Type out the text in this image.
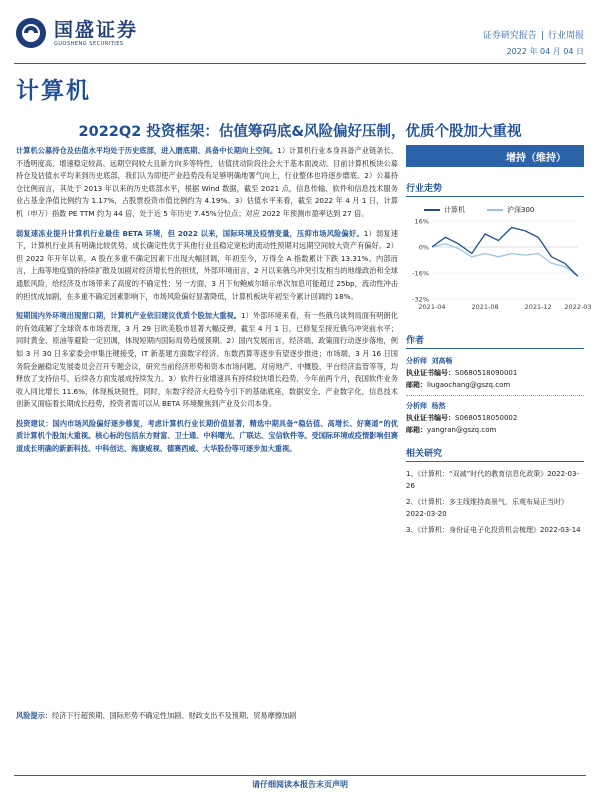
国盛证券
GUOSHENG SECURITIES
证券研究报告 | 行业周报
2022 年 04 月 04 日
计算机
2022Q2 投资框架：估值筹码底&风险偏好压制，优质个股加大重视

计算机公募持仓及估值水平均处于历史底部，进入磨底期、具备中长期向上空间。1）计算机行业本身具备产业链条长、不透明度高、增速稳定较高、远期空间较大且新方向多等特性，估值扰动阶段往会大于基本面波动。目前计算机板块公募持仓及估值水平均来到历史底部，我们认为即使产业趋势没有足够明确地署气向上，行业整体也将逐步磨底。2）公募持仓比例而言，其处于 2013 年以来的历史底部水平，根据 Wind 数据，截至 2021 点，信息传输、软件和信息技术服务业占基金净值比例约为 1.17%，占股票投资市值比例约为 4.19%。3）估值水平来看，截至 2022 年 4 月 1 日，计算机（申万）指数 PE TTM 约为 44 倍，处于近 5 年历史 7.45%分位点；对应 2022 年预测市盈率达到 27 倍。

弱复速冻业提升计算机行业最佳 BETA 环境，但 2022 以来，国际环境及疫情变量，压抑市场风险偏好。1）弱复速下，计算机行业具有明确比较优势，成长确定性优于其他行业且稳定宽松的流动性预期对远期空间较大资产有偏好。2）但 2022 年开年以来，A 股在多重不确定因素下出现大幅回调，年初至今，万得全 A 指数累计下跌 13.31%。内部而言，上海等地疫情的持续扩散及加剧对经济增长性的担忧，外部环境而言，2 月以来俄乌冲突引发相当的地缘政治和全球通胀风险，给经济及市场带来了高度的不确定性；另一方面，3 月下旬鲍威尔暗示单次加息可能超过 25bp，流动性冲击的担忧成加剧，在多重不确定因素影响下，市场风险偏好显著降低，计算机板块年初至今累计回调约 18%。

短期国内外环境出现窗口期，计算机产业依旧建议优质个股加大重视。1）外部环境来看，有一些俄乌谈判局面有明朗化的有效疏解了全球资本市场表现，3 月 29 日欧美股市显著大幅反弹，截至 4 月 1 日，已修复至接近俄乌冲突前水平；同时黄金、原油等避险一定回调，体现短期内国际局势趋缓预期。2）国内发展而言，经济端，政策面行动逐步落地，例如 3 月 30 日多家委会申集注键接受，IT 新基建方面数字经济、东数西算等逐步有望逐步推进；市场端，3 月 16 日国务院金融稳定发展委员会召开专题会议，研究当前经济形势和资本市场问题，对房地产、中概股、平台经济监管等等，均释放了支持信号，后续各方面发展成持续发力。3）软件行业增速具有持续较快增长趋势，今年前两个月，我国软件业务收入同比增长 11.6%，体现板块韧性，同时，东数字经济大趋势今引下的基础底座，数据安全、产业数字化，信息技术创新又面临着长期成长趋势，投资者需可以从 BETA 环境聚焦到产业及公司本身。

投资建议：国内市场风险偏好逐步修复，考虑计算机行业长期价值显著，精选中期具备“稳估值、高增长、好赛道”的优质计算机个股加大重视。核心标的包括东方财富、卫士通、中科曙光、广联达、宝信软件等。受国际环境或疫情影响但赛道成长明确的新新科技、中科创达、海康威视、德赛西威、大华股份等可逐步加大重视。

风险提示：经济下行超预期、国际形势不确定性加剧、财政支出不及预期、贸易摩擦加剧
增持（维持）
行业走势
计算机	沪深300
16%
0%
-16%
-32%
2021-04	2021-08	2021-12 2022-03
作者
分析师 刘高畅
执业证书编号：S0680518090001
邮箱：liugaochang@gszq.com
分析师 杨然
执业证书编号：S0680518050002
邮箱：yangran@gszq.com
相关研究
1、《计算机：“双减”时代的教育信息化政策》2022-03-26
2、《计算机：多主线维持高景气，乐观布局正当时》2022-03-20
3、《计算机：身份证电子化投资机会梳理》2022-03-14
请仔细阅读本报告末页声明
